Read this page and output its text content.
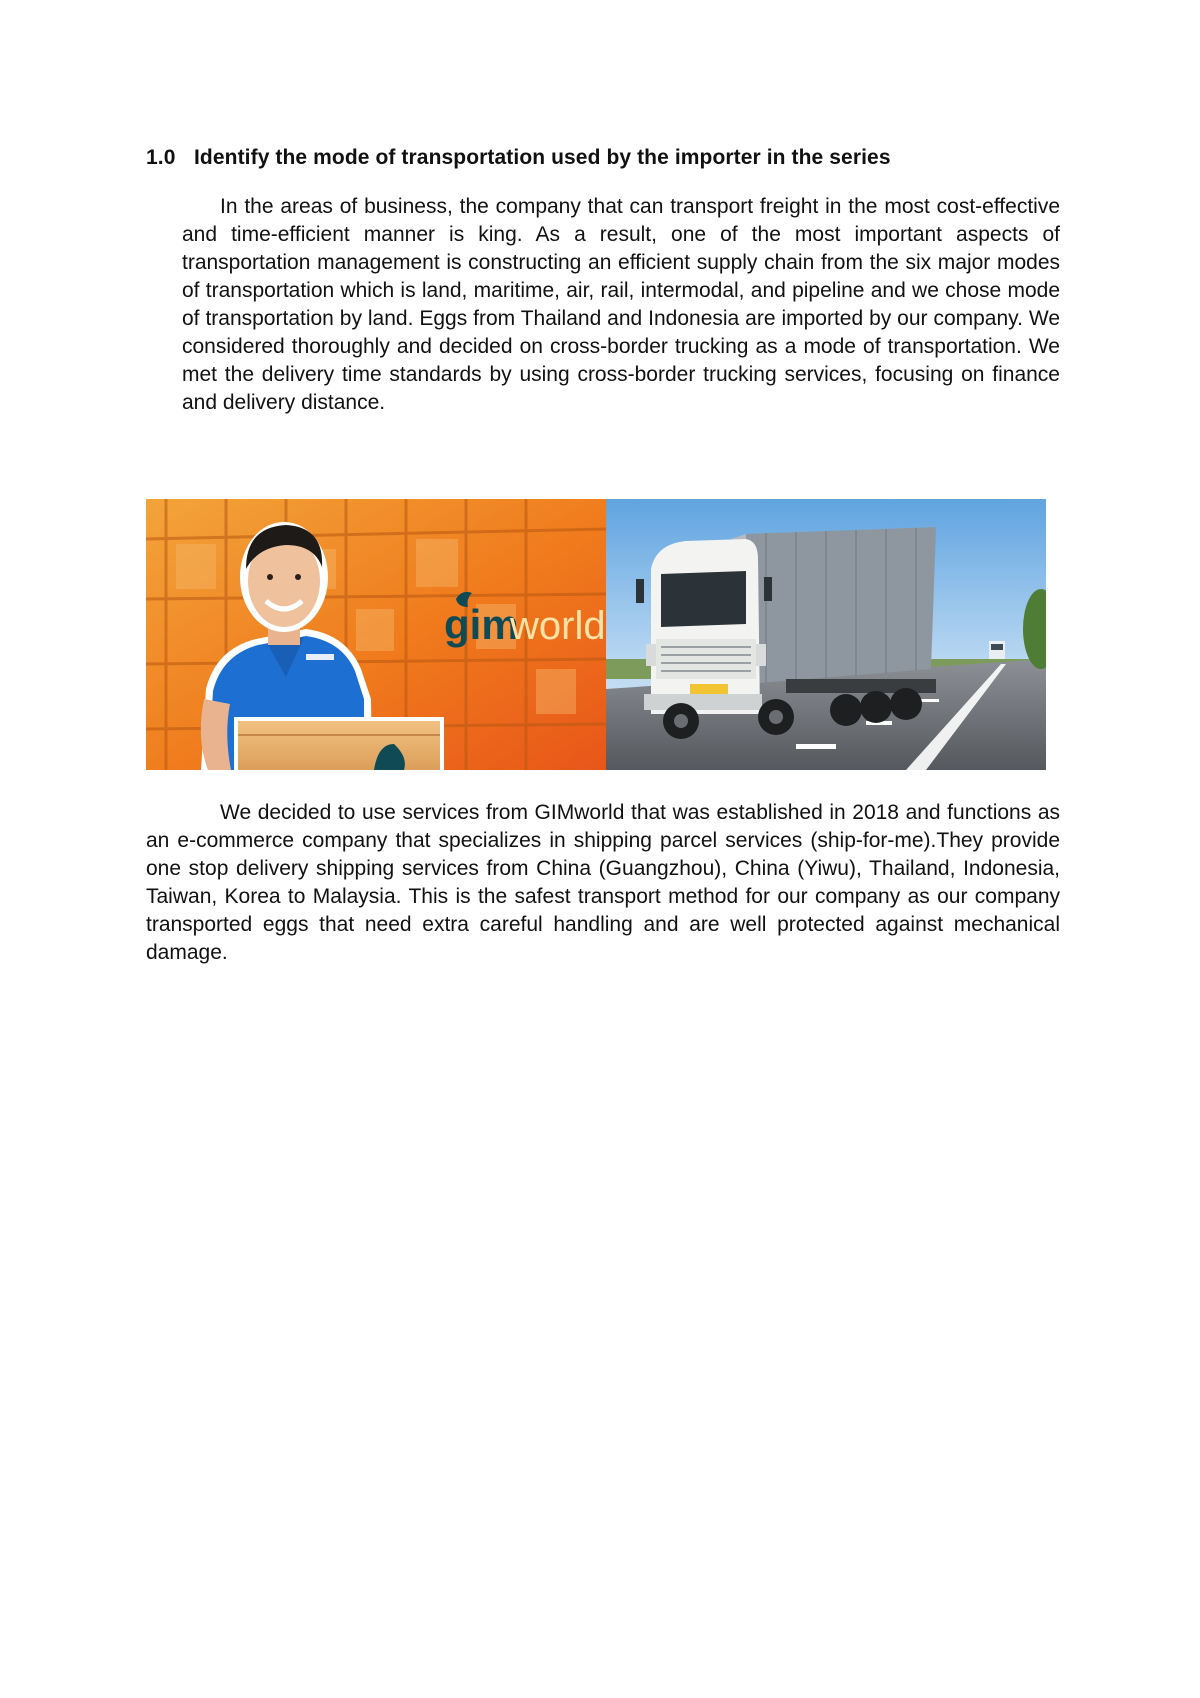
1.0 Identify the mode of transportation used by the importer in the series

In the areas of business, the company that can transport freight in the most cost-effective and time-efficient manner is king. As a result, one of the most important aspects of transportation management is constructing an efficient supply chain from the six major modes of transportation which is land, maritime, air, rail, intermodal, and pipeline and we chose mode of transportation by land. Eggs from Thailand and Indonesia are imported by our company. We considered thoroughly and decided on cross-border trucking as a mode of transportation. We met the delivery time standards by using cross-border trucking services, focusing on finance and delivery distance.

gim
world

We decided to use services from GIMworld that was established in 2018 and functions as an e-commerce company that specializes in shipping parcel services (ship-for-me).They provide one stop delivery shipping services from China (Guangzhou), China (Yiwu), Thailand, Indonesia, Taiwan, Korea to Malaysia. This is the safest transport method for our company as our company transported eggs that need extra careful handling and are well protected against mechanical damage.
